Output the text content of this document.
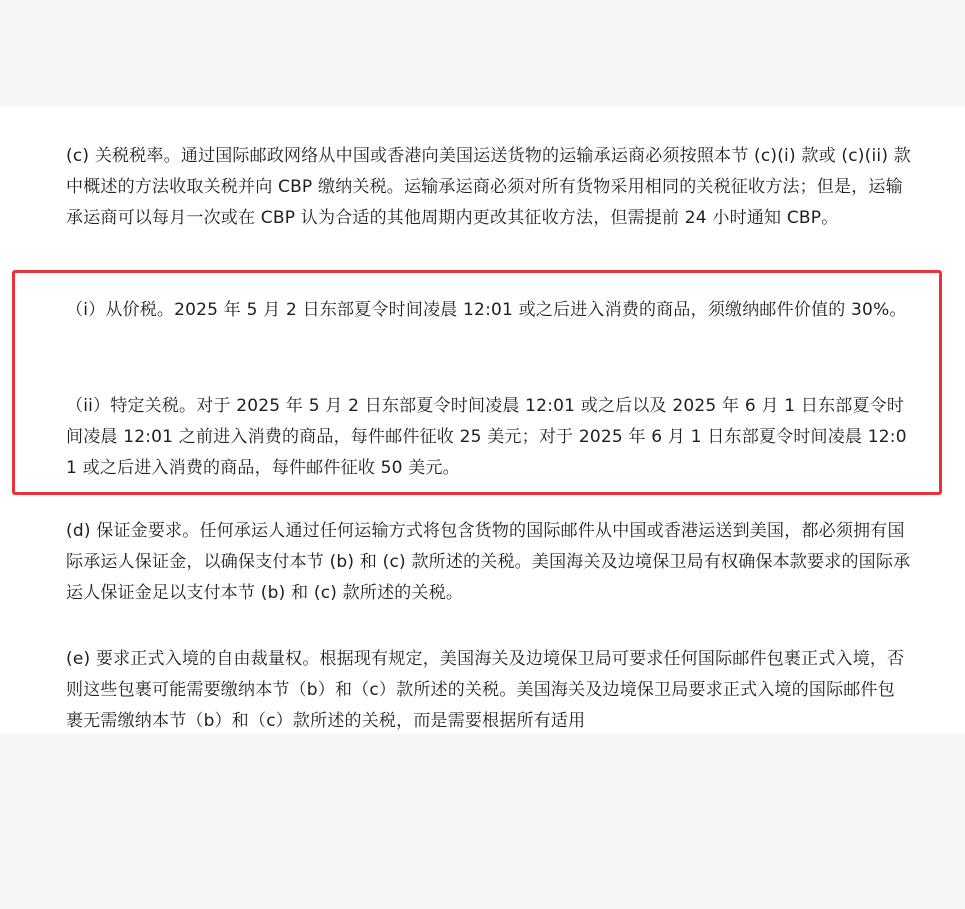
(c) 关税税率。通过国际邮政网络从中国或香港向美国运送货物的运输承运商必须按照本节 (c)(i) 款或 (c)(ii) 款中概述的方法收取关税并向 CBP 缴纳关税。运输承运商必须对所有货物采用相同的关税征收方法；但是，运输承运商可以每月一次或在 CBP 认为合适的其他周期内更改其征收方法，但需提前 24 小时通知 CBP。

（i）从价税。2025 年 5 月 2 日东部夏令时间凌晨 12:01 或之后进入消费的商品，须缴纳邮件价值的 30%。

（ii）特定关税。对于 2025 年 5 月 2 日东部夏令时间凌晨 12:01 或之后以及 2025 年 6 月 1 日东部夏令时间凌晨 12:01 之前进入消费的商品，每件邮件征收 25 美元；对于 2025 年 6 月 1 日东部夏令时间凌晨 12:01 或之后进入消费的商品，每件邮件征收 50 美元。

(d) 保证金要求。任何承运人通过任何运输方式将包含货物的国际邮件从中国或香港运送到美国，都必须拥有国际承运人保证金，以确保支付本节 (b) 和 (c) 款所述的关税。美国海关及边境保卫局有权确保本款要求的国际承运人保证金足以支付本节 (b) 和 (c) 款所述的关税。

(e) 要求正式入境的自由裁量权。根据现有规定，美国海关及边境保卫局可要求任何国际邮件包裹正式入境，否则这些包裹可能需要缴纳本节（b）和（c）款所述的关税。美国海关及边境保卫局要求正式入境的国际邮件包裹无需缴纳本节（b）和（c）款所述的关税，而是需要根据所有适用
